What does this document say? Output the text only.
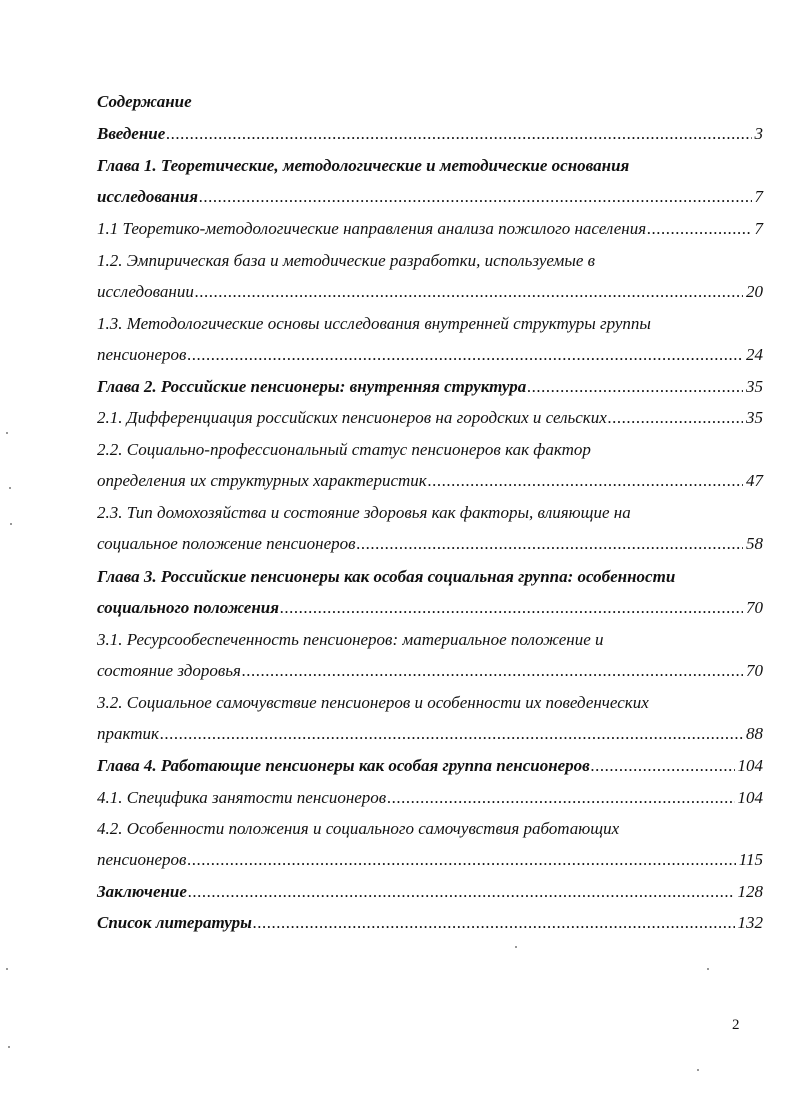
Содержание
Введение .....	3
Глава 1. Теоретические, методологические и методические основания
исследования .....	7
1.1 Теоретико-методологические направления анализа пожилого населения .....	7
1.2. Эмпирическая база и методические разработки, используемые в
исследовании .....	20
1.3. Методологические основы исследования внутренней структуры группы
пенсионеров .....	24
Глава 2. Российские пенсионеры: внутренняя структура .....	35
2.1. Дифференциация российских пенсионеров на городских и сельских .....	35
2.2. Социально-профессиональный статус пенсионеров как фактор
определения их структурных характеристик .....	47
2.3. Тип домохозяйства и состояние здоровья как факторы, влияющие на
социальное положение пенсионеров .....	58
Глава 3. Российские пенсионеры как особая социальная группа: особенности
социального положения .....	70
3.1. Ресурсообеспеченность пенсионеров: материальное положение и
состояние здоровья .....	70
3.2. Социальное самочувствие пенсионеров и особенности их поведенческих
практик .....	88
Глава 4. Работающие пенсионеры как особая группа пенсионеров .....	104
4.1. Специфика занятости пенсионеров .....	104
4.2. Особенности положения и социального самочувствия работающих
пенсионеров .....	115
Заключение .....	128
Список литературы .....	132
2
